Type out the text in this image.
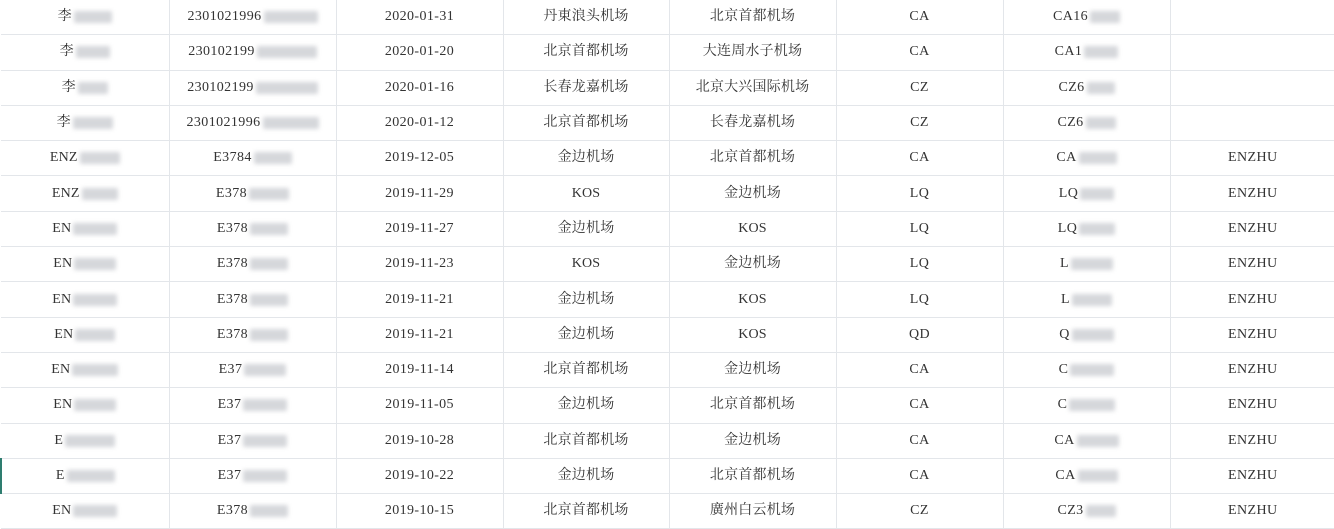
李	2301021996	2020-01-31	丹東浪头机场	北京首都机场	CA	CA16	

李	230102199	2020-01-20	北京首都机场	大连周水子机场	CA	CA1	

李	230102199	2020-01-16	长春龙嘉机场	北京大兴国际机场	CZ	CZ6	

李	2301021996	2020-01-12	北京首都机场	长春龙嘉机场	CZ	CZ6	

ENZ	E3784	2019-12-05	金边机场	北京首都机场	CA	CA	ENZHU

ENZ	E378	2019-11-29	KOS	金边机场	LQ	LQ	ENZHU

EN	E378	2019-11-27	金边机场	KOS	LQ	LQ	ENZHU

EN	E378	2019-11-23	KOS	金边机场	LQ	L	ENZHU

EN	E378	2019-11-21	金边机场	KOS	LQ	L	ENZHU

EN	E378	2019-11-21	金边机场	KOS	QD	Q	ENZHU

EN	E37	2019-11-14	北京首都机场	金边机场	CA	C	ENZHU

EN	E37	2019-11-05	金边机场	北京首都机场	CA	C	ENZHU

E	E37	2019-10-28	北京首都机场	金边机场	CA	CA	ENZHU

E	E37	2019-10-22	金边机场	北京首都机场	CA	CA	ENZHU

EN	E378	2019-10-15	北京首都机场	廣州白云机场	CZ	CZ3	ENZHU
